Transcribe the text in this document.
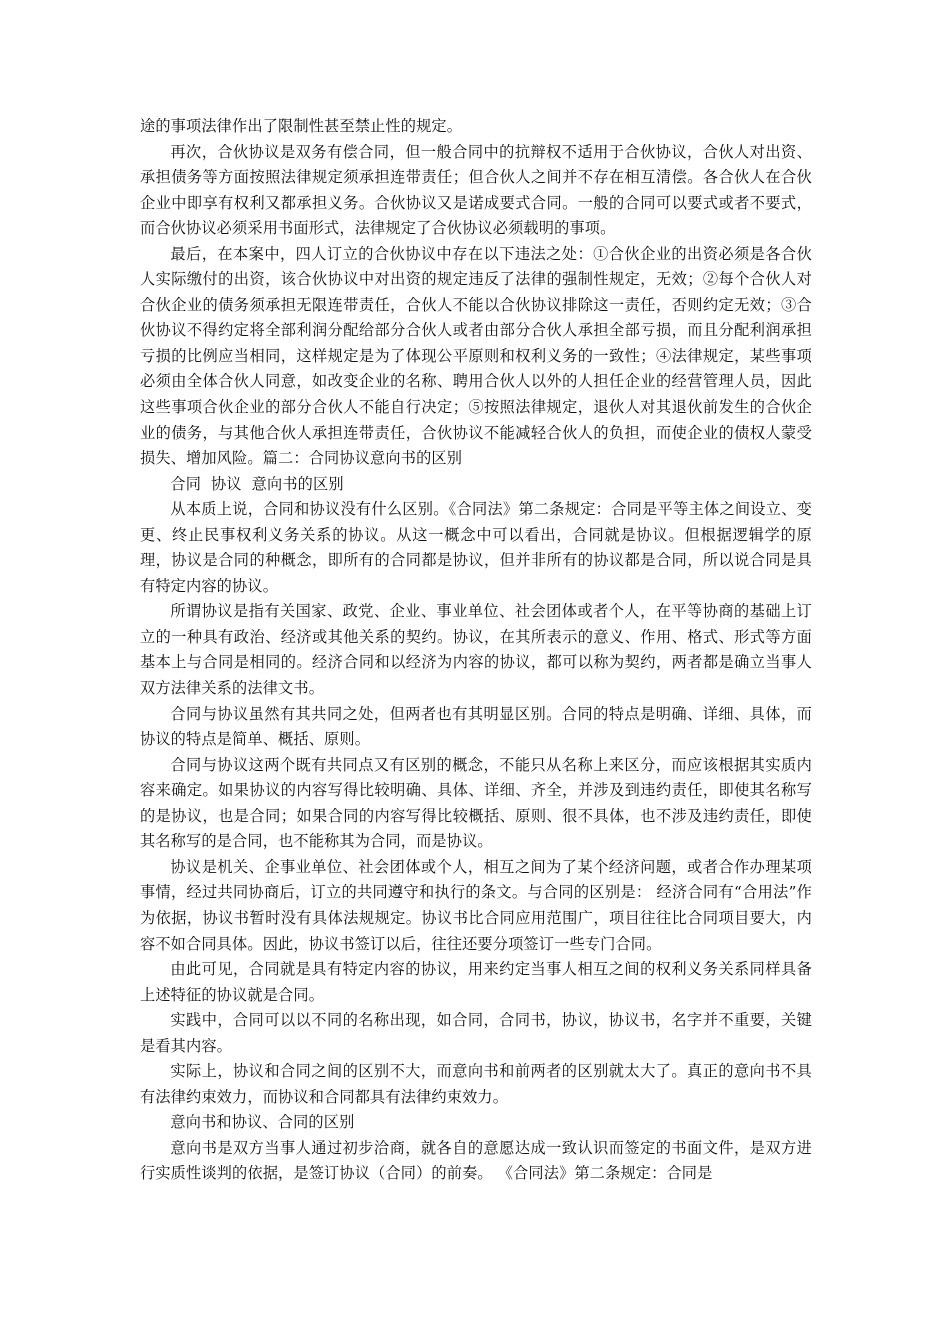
途的事项法律作出了限制性甚至禁止性的规定。

再次，合伙协议是双务有偿合同，但一般合同中的抗辩权不适用于合伙协议，合伙人对出资、承担债务等方面按照法律规定须承担连带责任；但合伙人之间并不存在相互清偿。各合伙人在合伙企业中即享有权利又都承担义务。合伙协议又是诺成要式合同。一般的合同可以要式或者不要式，而合伙协议必须采用书面形式，法律规定了合伙协议必须载明的事项。

最后，在本案中，四人订立的合伙协议中存在以下违法之处：①合伙企业的出资必须是各合伙人实际缴付的出资，该合伙协议中对出资的规定违反了法律的强制性规定，无效；②每个合伙人对合伙企业的债务须承担无限连带责任，合伙人不能以合伙协议排除这一责任，否则约定无效；③合伙协议不得约定将全部利润分配给部分合伙人或者由部分合伙人承担全部亏损，而且分配利润承担亏损的比例应当相同，这样规定是为了体现公平原则和权利义务的一致性；④法律规定，某些事项必须由全体合伙人同意，如改变企业的名称、聘用合伙人以外的人担任企业的经营管理人员，因此这些事项合伙企业的部分合伙人不能自行决定；⑤按照法律规定，退伙人对其退伙前发生的合伙企业的债务，与其他合伙人承担连带责任，合伙协议不能减轻合伙人的负担，而使企业的债权人蒙受损失、增加风险。篇二：合同协议意向书的区别

合同  协议  意向书的区别

从本质上说，合同和协议没有什么区别。《合同法》第二条规定：合同是平等主体之间设立、变更、终止民事权利义务关系的协议。从这一概念中可以看出，合同就是协议。但根据逻辑学的原理，协议是合同的种概念，即所有的合同都是协议，但并非所有的协议都是合同，所以说合同是具有特定内容的协议。

所谓协议是指有关国家、政党、企业、事业单位、社会团体或者个人，在平等协商的基础上订立的一种具有政治、经济或其他关系的契约。协议，在其所表示的意义、作用、格式、形式等方面基本上与合同是相同的。经济合同和以经济为内容的协议，都可以称为契约，两者都是确立当事人双方法律关系的法律文书。

合同与协议虽然有其共同之处，但两者也有其明显区别。合同的特点是明确、详细、具体，而协议的特点是简单、概括、原则。

合同与协议这两个既有共同点又有区别的概念，不能只从名称上来区分，而应该根据其实质内容来确定。如果协议的内容写得比较明确、具体、详细、齐全，并涉及到违约责任，即使其名称写的是协议，也是合同；如果合同的内容写得比较概括、原则、很不具体，也不涉及违约责任，即使其名称写的是合同，也不能称其为合同，而是协议。

协议是机关、企事业单位、社会团体或个人，相互之间为了某个经济问题，或者合作办理某项事情，经过共同协商后，订立的共同遵守和执行的条文。与合同的区别是： 经济合同有“合用法”作为依据，协议书暂时没有具体法规规定。协议书比合同应用范围广，项目往往比合同项目要大，内容不如合同具体。因此，协议书签订以后，往往还要分项签订一些专门合同。

由此可见，合同就是具有特定内容的协议，用来约定当事人相互之间的权利义务关系同样具备上述特征的协议就是合同。

实践中，合同可以以不同的名称出现，如合同，合同书，协议，协议书，名字并不重要，关键是看其内容。

实际上，协议和合同之间的区别不大，而意向书和前两者的区别就太大了。真正的意向书不具有法律约束效力，而协议和合同都具有法律约束效力。

意向书和协议、合同的区别

意向书是双方当事人通过初步洽商，就各自的意愿达成一致认识而签定的书面文件，是双方进行实质性谈判的依据，是签订协议（合同）的前奏。 《合同法》第二条规定：合同是
